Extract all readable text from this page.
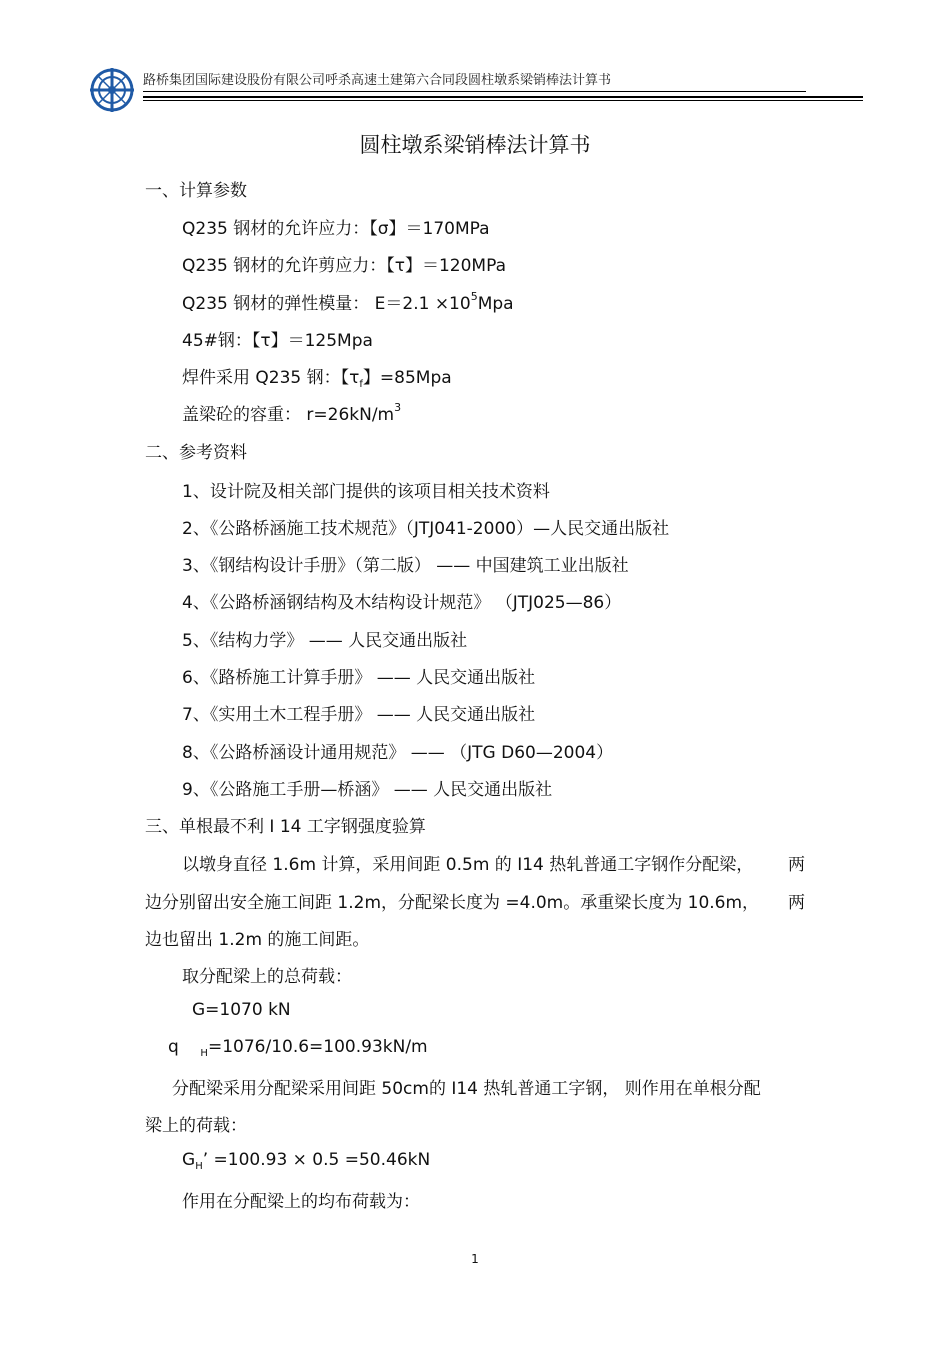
路桥集团国际建设股份有限公司呼杀高速土建第六合同段圆柱墩系梁销棒法计算书
圆柱墩系梁销棒法计算书
一、计算参数
Q235 钢材的允许应力：【σ】＝170MPa
Q235 钢材的允许剪应力：【τ】＝120MPa
Q235 钢材的弹性模量： $E=2.1 \times 10^5Mpa$
45#钢：【τ】＝125Mpa
焊件采用 Q235 钢：【$\tau_f$】=85Mpa
盖梁砼的容重： $r=26kN/m^3$
二、参考资料
1、设计院及相关部门提供的该项目相关技术资料
2、《公路桥涵施工技术规范》（JTJ041-2000）—人民交通出版社
3、《钢结构设计手册》（第二版） —— 中国建筑工业出版社
4、《公路桥涵钢结构及木结构设计规范》 （JTJ025—86）
5、《结构力学》 —— 人民交通出版社
6、《路桥施工计算手册》 —— 人民交通出版社
7、《实用土木工程手册》 —— 人民交通出版社
8、《公路桥涵设计通用规范》 —— （JTG D60—2004）
9、《公路施工手册—桥涵》 —— 人民交通出版社
三、单根最不利 I 14 工字钢强度验算
以墩身直径 1.6m 计算，采用间距 0.5m 的 I14 热轧普通工字钢作分配梁， 两
边分别留出安全施工间距 1.2m，分配梁长度为 =4.0m。承重梁长度为 10.6m， 两
边也留出 1.2m 的施工间距。
取分配梁上的总荷载：
G=1070 kN
q $_H$=1076/10.6=100.93kN/m
分配梁采用分配梁采用间距 50cm的 I14 热轧普通工字钢， 则作用在单根分配
梁上的荷载：
$G_H$’ =100.93 × 0.5 =50.46kN
作用在分配梁上的均布荷载为：
1
